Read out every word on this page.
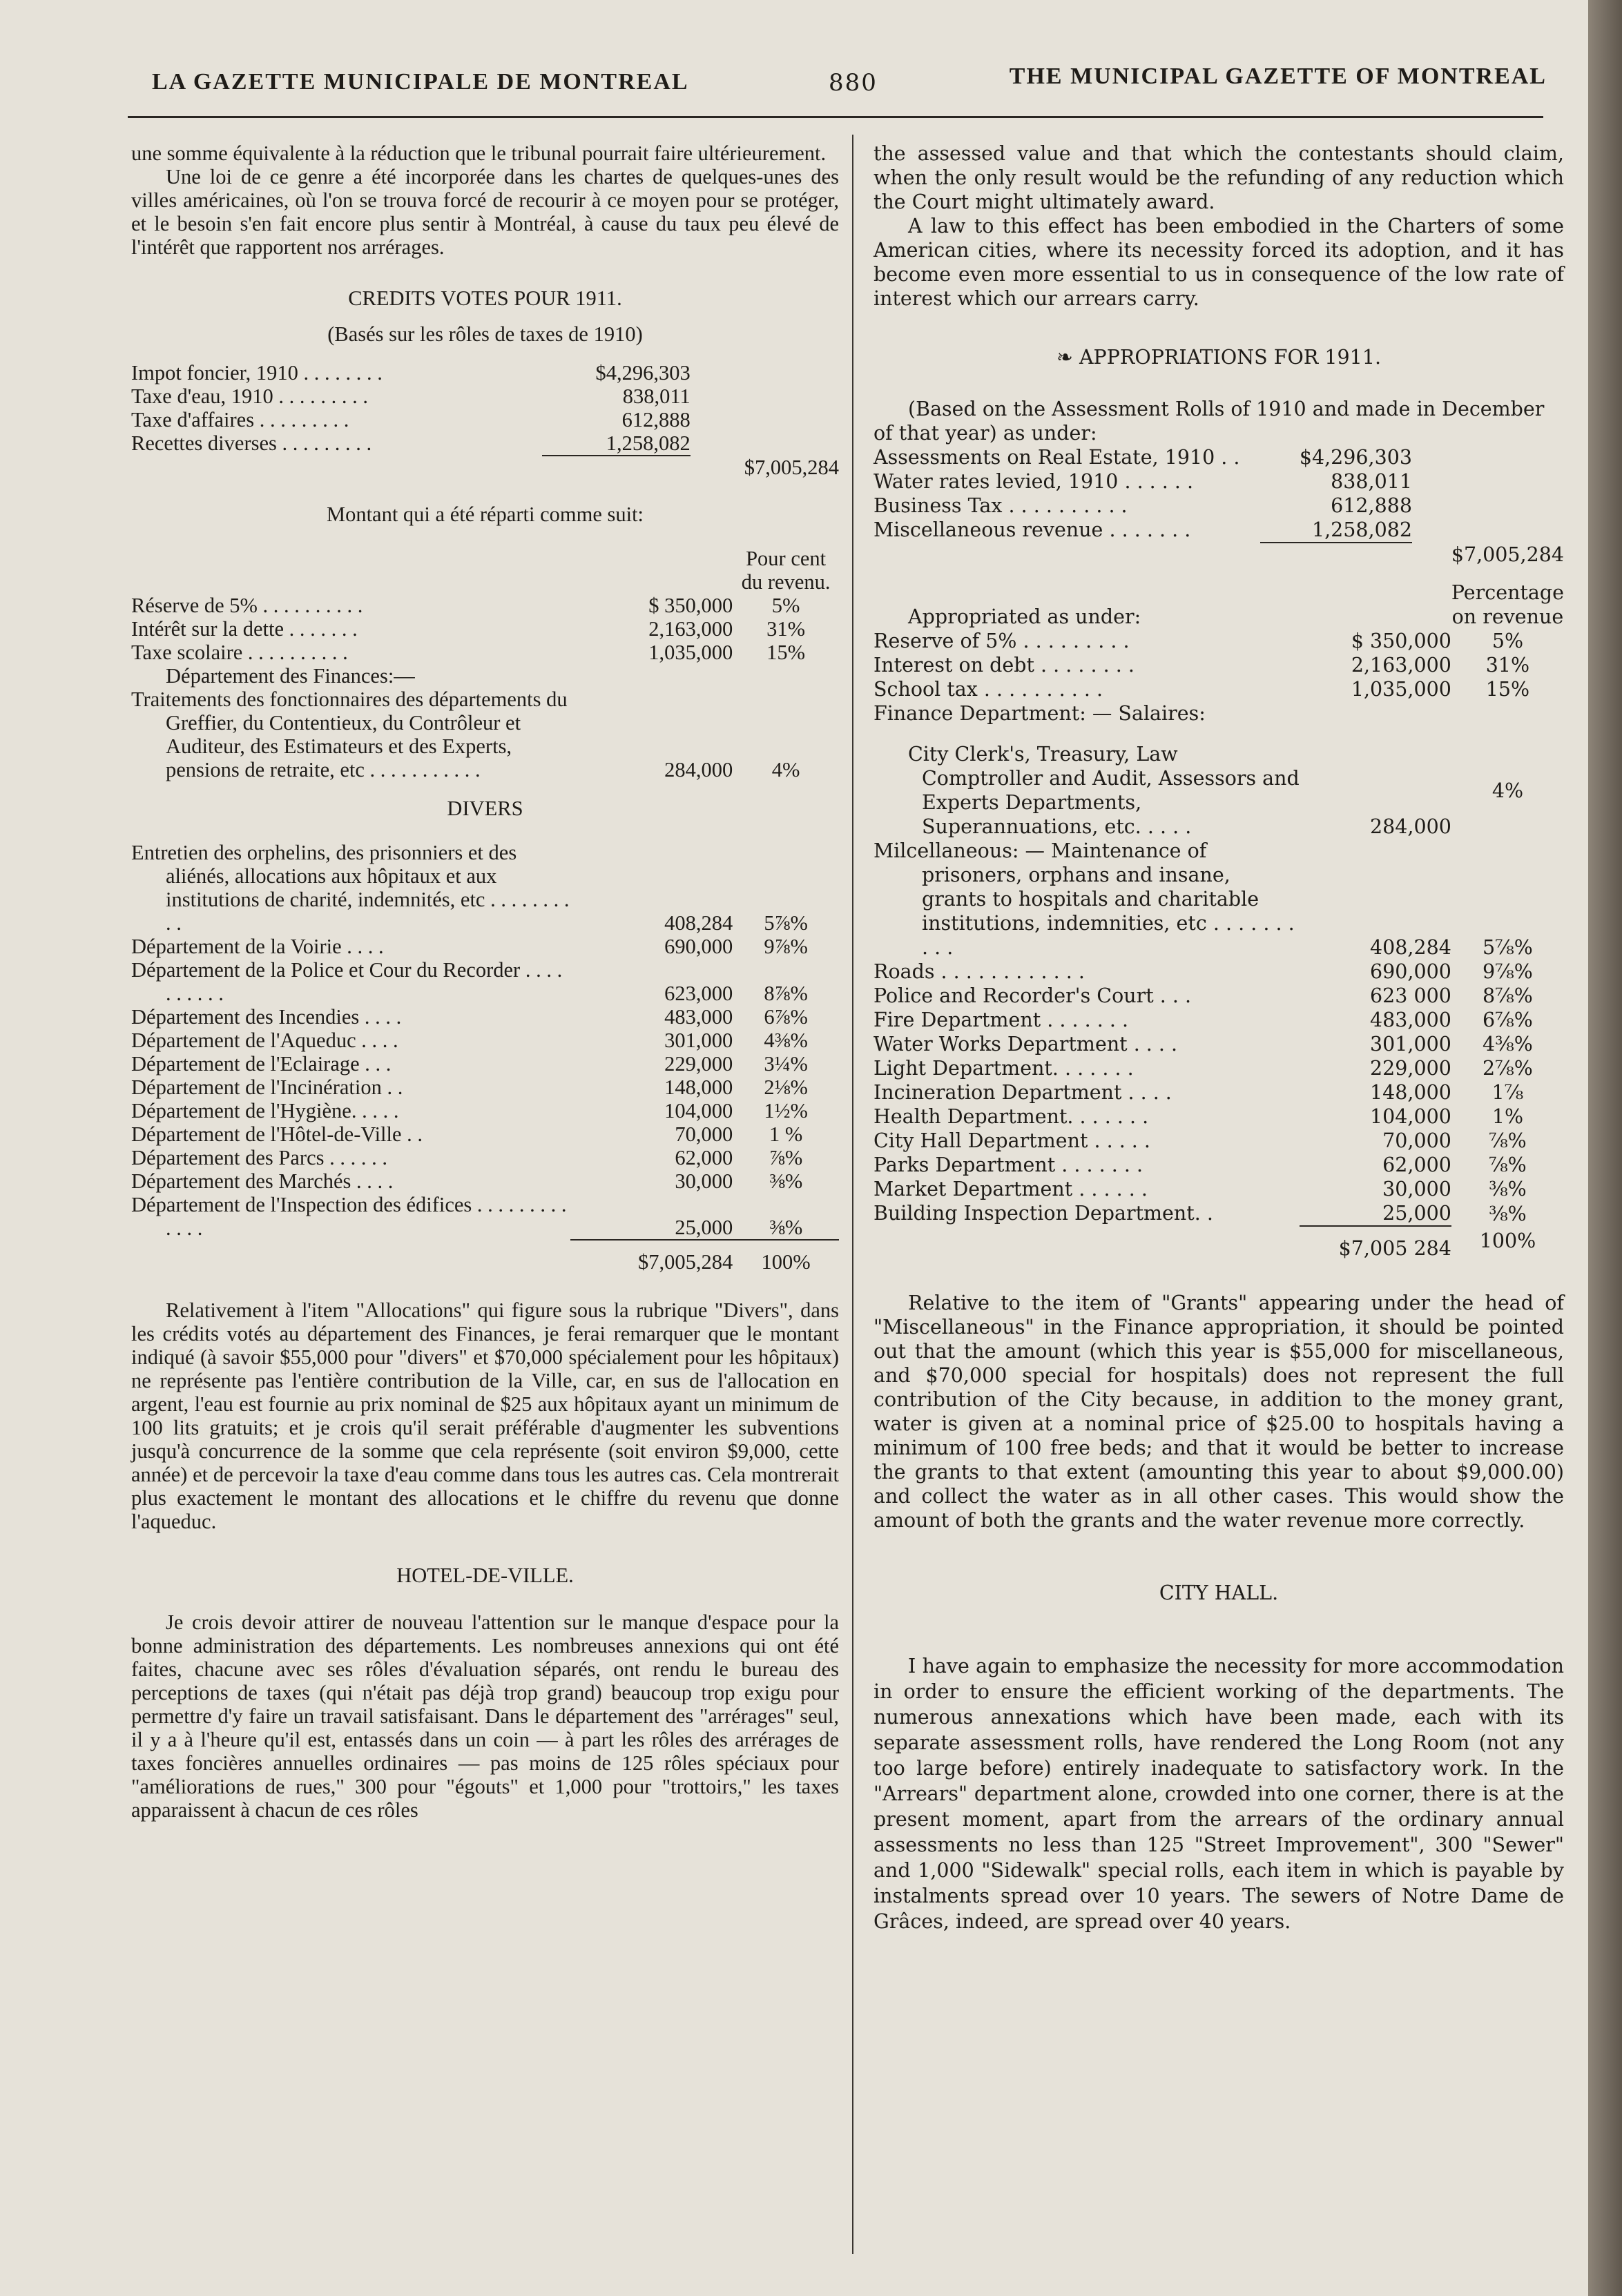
LA GAZETTE MUNICIPALE DE MONTREAL	880	THE MUNICIPAL GAZETTE OF MONTREAL

une somme équivalente à la réduction que le tribunal pourrait faire ultérieurement.

Une loi de ce genre a été incorporée dans les chartes de quelques-unes des villes américaines, où l'on se trouva forcé de recourir à ce moyen pour se protéger, et le besoin s'en fait encore plus sentir à Montréal, à cause du taux peu élevé de l'intérêt que rapportent nos arrérages.

CREDITS VOTES POUR 1911.
(Basés sur les rôles de taxes de 1910)
Impot foncier, 1910 . . . . . . . .	$4,296,303	
Taxe d'eau, 1910 . . . . . . . . .	838,011	
Taxe d'affaires . . . . . . . . .	612,888	
Recettes diverses . . . . . . . . .	1,258,082	
		$7,005,284
Montant qui a été réparti comme suit:

		Pour cent
du revenu.

Réserve de 5% . . . . . . . . . .	$ 350,000	5%
Intérêt sur la dette . . . . . . .	2,163,000	31%
Taxe scolaire . . . . . . . . . .	1,035,000	15%
Département des Finances:—		
Traitements des fonctionnaires des départements du Greffier, du Contentieux, du Contrôleur et Auditeur, des Estimateurs et des Experts, pensions de retraite, etc . . . . . . . . . . .	284,000	4%
DIVERS		
Entretien des orphelins, des prisonniers et des aliénés, allocations aux hôpitaux et aux institutions de charité, indemnités, etc . . . . . . . . . .	408,284	5⅞%
Département de la Voirie . . . .	690,000	9⅞%
Département de la Police et Cour du Recorder . . . . . . . . . .	623,000	8⅞%
Département des Incendies . . . .	483,000	6⅞%
Département de l'Aqueduc . . . .	301,000	4⅜%
Département de l'Eclairage . . .	229,000	3¼%
Département de l'Incinération . .	148,000	2⅛%
Département de l'Hygiène. . . . .	104,000	1½%
Département de l'Hôtel-de-Ville . .	70,000	1 %
Département des Parcs . . . . . .	62,000	⅞%
Département des Marchés . . . .	30,000	⅜%
Département de l'Inspection des édifices . . . . . . . . . . . . .	25,000	⅜%
	$7,005,284	100%

Relativement à l'item "Allocations" qui figure sous la rubrique "Divers", dans les crédits votés au département des Finances, je ferai remarquer que le montant indiqué (à savoir $55,000 pour "divers" et $70,000 spécialement pour les hôpitaux) ne représente pas l'entière contribution de la Ville, car, en sus de l'allocation en argent, l'eau est fournie au prix nominal de $25 aux hôpitaux ayant un minimum de 100 lits gratuits; et je crois qu'il serait préférable d'augmenter les subventions jusqu'à concurrence de la somme que cela représente (soit environ $9,000, cette année) et de percevoir la taxe d'eau comme dans tous les autres cas. Cela montrerait plus exactement le montant des allocations et le chiffre du revenu que donne l'aqueduc.

HOTEL-DE-VILLE.

Je crois devoir attirer de nouveau l'attention sur le manque d'espace pour la bonne administration des départements. Les nombreuses annexions qui ont été faites, chacune avec ses rôles d'évaluation séparés, ont rendu le bureau des perceptions de taxes (qui n'était pas déjà trop grand) beaucoup trop exigu pour permettre d'y faire un travail satisfaisant. Dans le département des "arrérages" seul, il y a à l'heure qu'il est, entassés dans un coin — à part les rôles des arrérages de taxes foncières annuelles ordinaires — pas moins de 125 rôles spéciaux pour "améliorations de rues," 300 pour "égouts" et 1,000 pour "trottoirs," les taxes apparaissent à chacun de ces rôles

the assessed value and that which the contestants should claim, when the only result would be the refunding of any reduction which the Court might ultimately award.

A law to this effect has been embodied in the Charters of some American cities, where its necessity forced its adoption, and it has become even more essential to us in consequence of the low rate of interest which our arrears carry.

❧ APPROPRIATIONS FOR 1911.

(Based on the Assessment Rolls of 1910 and made in December of that year) as under:

Assessments on Real Estate, 1910 . .	$4,296,303	
Water rates levied, 1910 . . . . . .	838,011	
Business Tax . . . . . . . . . .	612,888	
Miscellaneous revenue . . . . . . .	1,258,082	
		$7,005,284
Appropriated as under:		Percentage
on revenue

Reserve of 5% . . . . . . . . .	$ 350,000	5%
Interest on debt . . . . . . . .	2,163,000	31%
School tax . . . . . . . . . .	1,035,000	15%
Finance Department: — Salaires:		

City Clerk's, Treasury, Law Comptroller and Audit, Assessors and Experts Departments, Superannuations, etc. . . . .	284,000	4%
Milcellaneous: — Maintenance of prisoners, orphans and insane, grants to hospitals and charitable institutions, indemnities, etc . . . . . . . . . .	408,284	5⅞%
Roads . . . . . . . . . . . .	690,000	9⅞%
Police and Recorder's Court . . .	623 000	8⅞%
Fire Department . . . . . . .	483,000	6⅞%
Water Works Department . . . .	301,000	4⅜%
Light Department. . . . . . .	229,000	2⅞%
Incineration Department . . . .	148,000	1⅞
Health Department. . . . . . .	104,000	1%
City Hall Department . . . . .	70,000	⅞%
Parks Department . . . . . . .	62,000	⅞%
Market Department . . . . . .	30,000	⅜%
Building Inspection Department. .	25,000	⅜%
	$7,005 284	100%

Relative to the item of "Grants" appearing under the head of "Miscellaneous" in the Finance appropriation, it should be pointed out that the amount (which this year is $55,000 for miscellaneous, and $70,000 special for hospitals) does not represent the full contribution of the City because, in addition to the money grant, water is given at a nominal price of $25.00 to hospitals having a minimum of 100 free beds; and that it would be better to increase the grants to that extent (amounting this year to about $9,000.00) and collect the water as in all other cases. This would show the amount of both the grants and the water revenue more correctly.

CITY HALL.

I have again to emphasize the necessity for more accommodation in order to ensure the efficient working of the departments. The numerous annexations which have been made, each with its separate assessment rolls, have rendered the Long Room (not any too large before) entirely inadequate to satisfactory work. In the "Arrears" department alone, crowded into one corner, there is at the present moment, apart from the arrears of the ordinary annual assessments no less than 125 "Street Improvement", 300 "Sewer" and 1,000 "Sidewalk" special rolls, each item in which is payable by instalments spread over 10 years. The sewers of Notre Dame de Grâces, indeed, are spread over 40 years.
